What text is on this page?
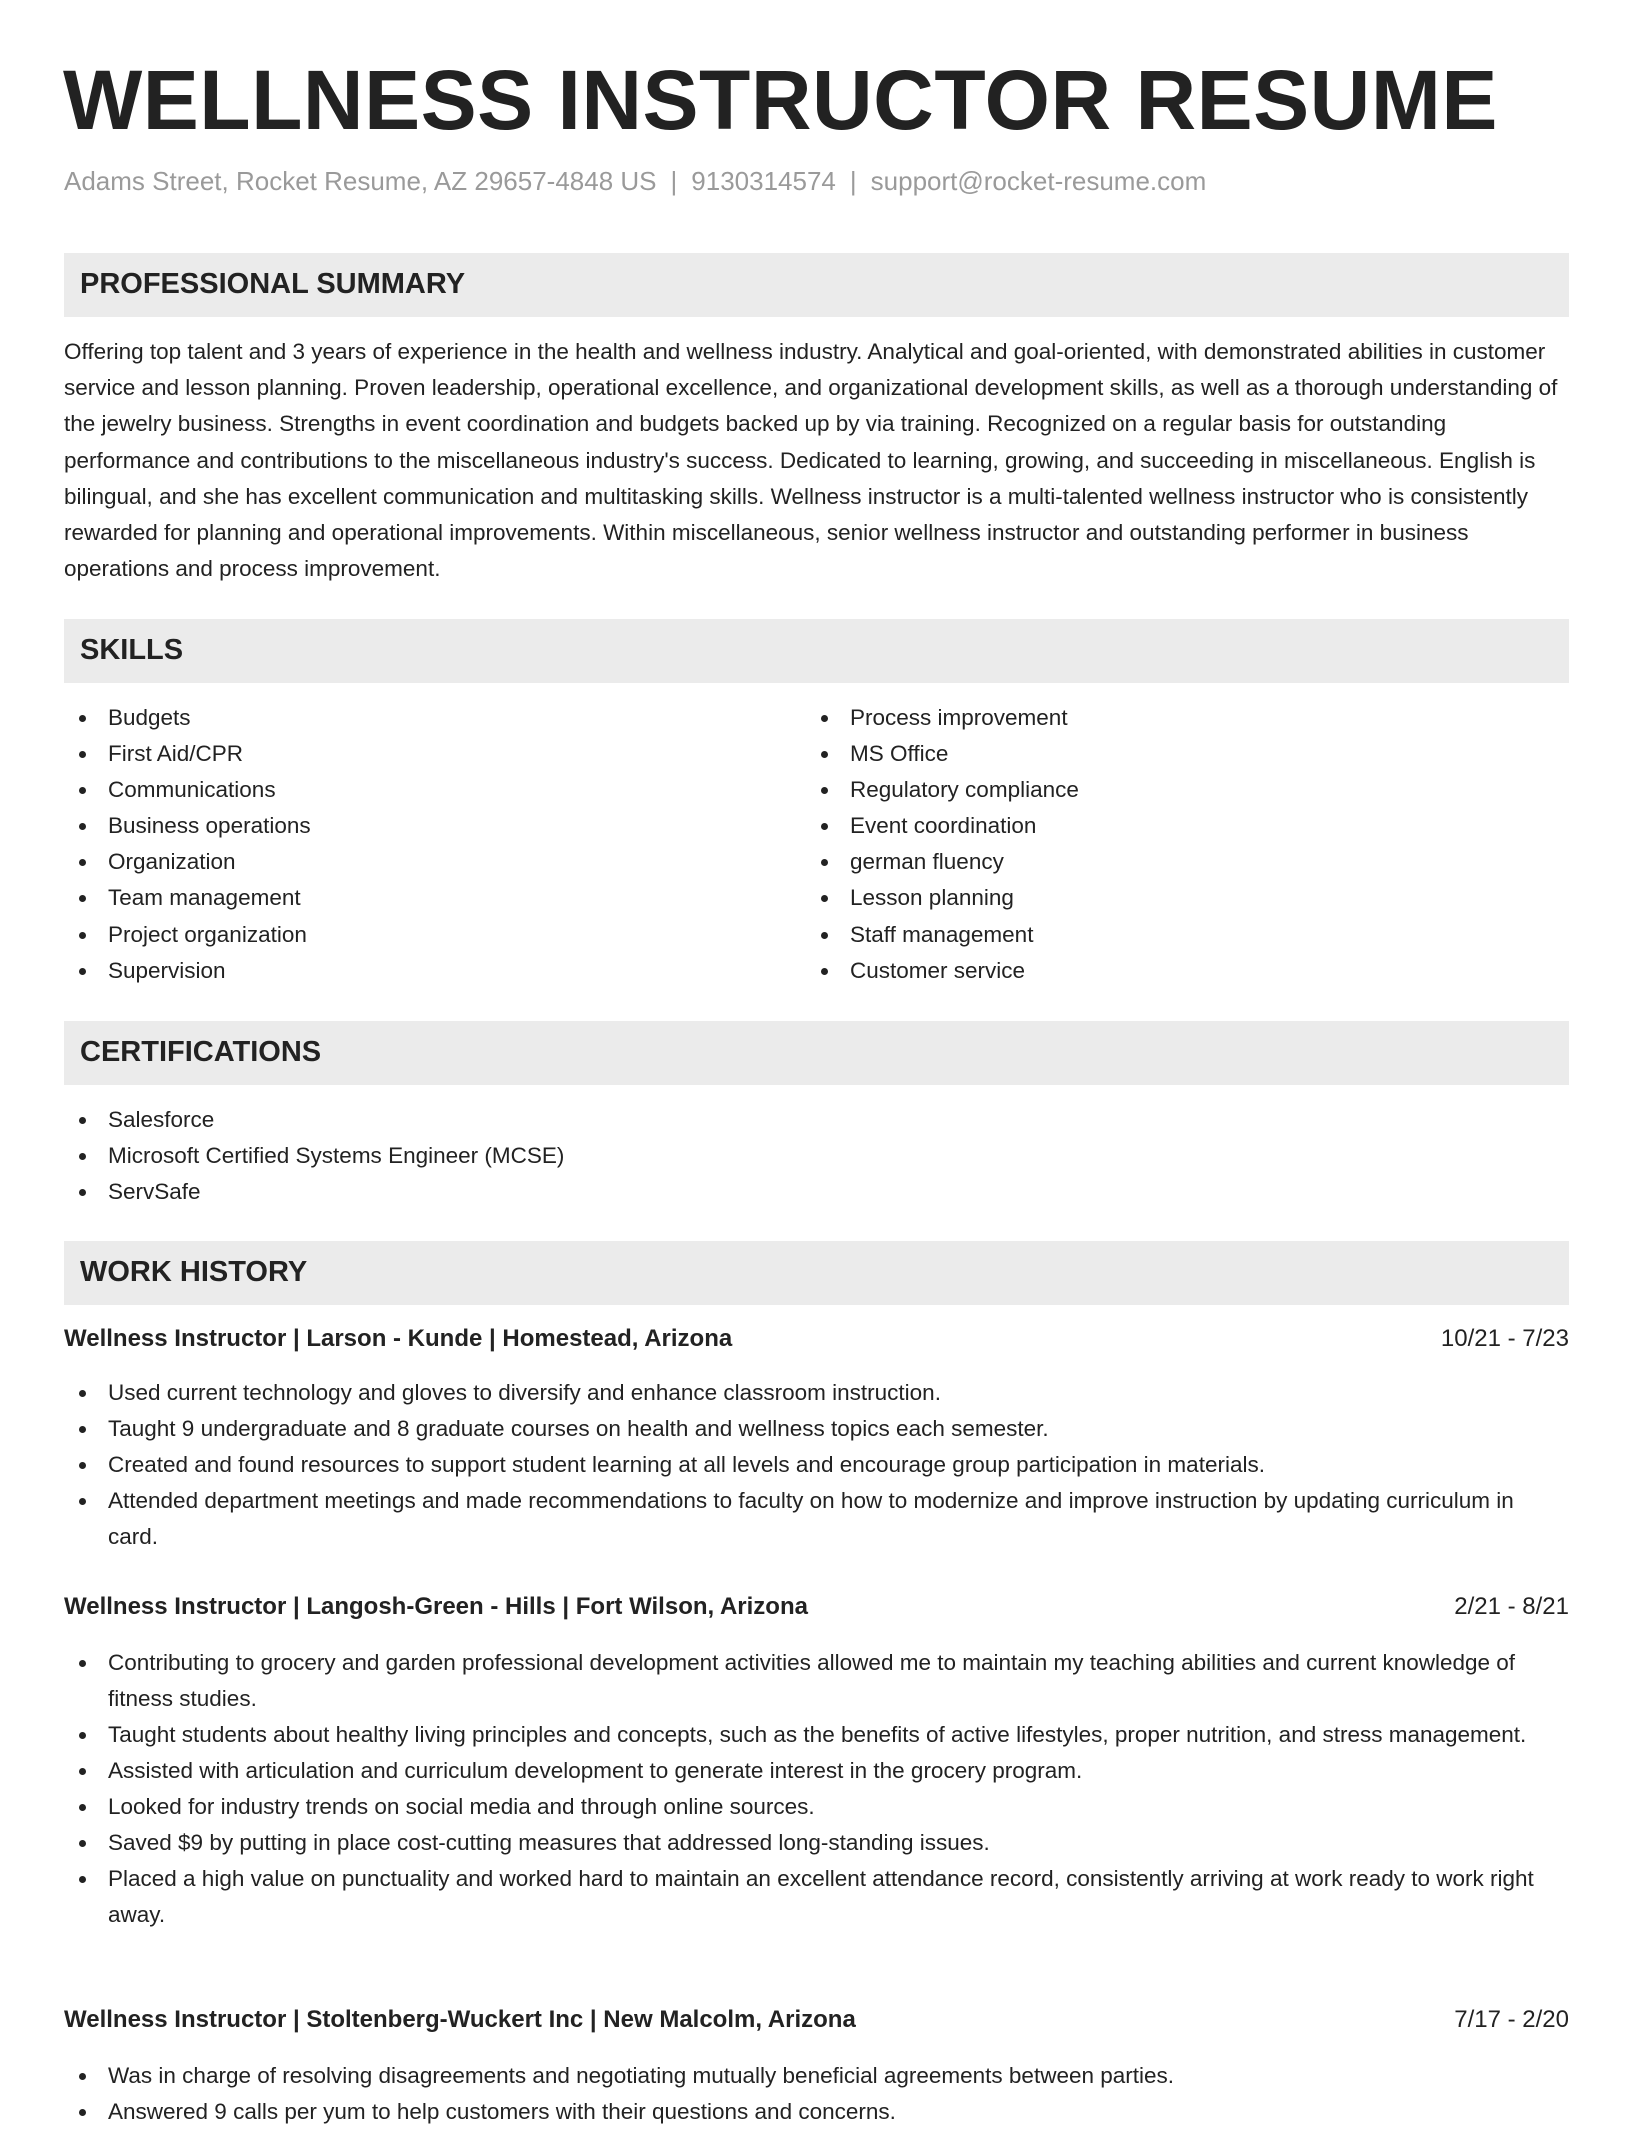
WELLNESS INSTRUCTOR RESUME
Adams Street, Rocket Resume, AZ 29657-4848 US | 9130314574 | support@rocket-resume.com
PROFESSIONAL SUMMARY

Offering top talent and 3 years of experience in the health and wellness industry. Analytical and goal-oriented, with demonstrated abilities in customer service and lesson planning. Proven leadership, operational excellence, and organizational development skills, as well as a thorough understanding of the jewelry business. Strengths in event coordination and budgets backed up by via training. Recognized on a regular basis for outstanding performance and contributions to the miscellaneous industry's success. Dedicated to learning, growing, and succeeding in miscellaneous. English is bilingual, and she has excellent communication and multitasking skills. Wellness instructor is a multi-talented wellness instructor who is consistently rewarded for planning and operational improvements. Within miscellaneous, senior wellness instructor and outstanding performer in business operations and process improvement.

SKILLS
Budgets
First Aid/CPR
Communications
Business operations
Organization
Team management
Project organization
Supervision
Process improvement
MS Office
Regulatory compliance
Event coordination
german fluency
Lesson planning
Staff management
Customer service
CERTIFICATIONS
Salesforce
Microsoft Certified Systems Engineer (MCSE)
ServSafe
WORK HISTORY
Wellness Instructor | Larson - Kunde | Homestead, Arizona	10/21 - 7/23
Used current technology and gloves to diversify and enhance classroom instruction.
Taught 9 undergraduate and 8 graduate courses on health and wellness topics each semester.
Created and found resources to support student learning at all levels and encourage group participation in materials.
Attended department meetings and made recommendations to faculty on how to modernize and improve instruction by updating curriculum in card.
Wellness Instructor | Langosh-Green - Hills | Fort Wilson, Arizona	2/21 - 8/21
Contributing to grocery and garden professional development activities allowed me to maintain my teaching abilities and current knowledge of fitness studies.
Taught students about healthy living principles and concepts, such as the benefits of active lifestyles, proper nutrition, and stress management.
Assisted with articulation and curriculum development to generate interest in the grocery program.
Looked for industry trends on social media and through online sources.
Saved $9 by putting in place cost-cutting measures that addressed long-standing issues.
Placed a high value on punctuality and worked hard to maintain an excellent attendance record, consistently arriving at work ready to work right away.
Wellness Instructor | Stoltenberg-Wuckert Inc | New Malcolm, Arizona	7/17 - 2/20
Was in charge of resolving disagreements and negotiating mutually beneficial agreements between parties.
Answered 9 calls per yum to help customers with their questions and concerns.
